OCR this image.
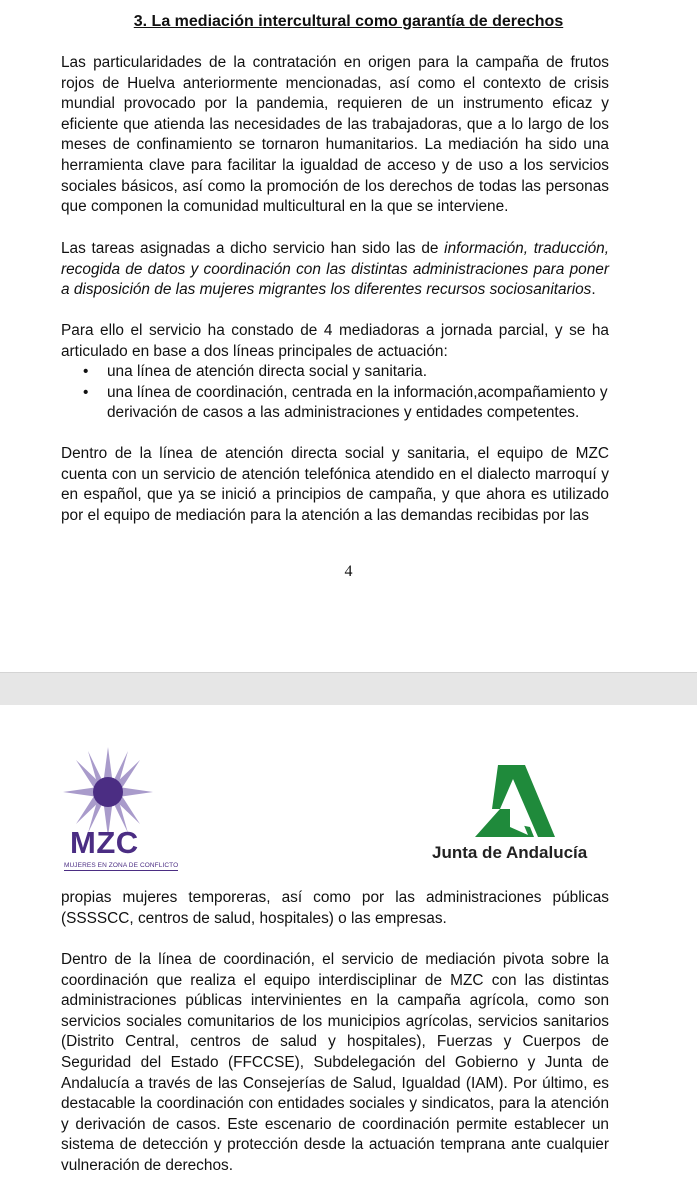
3. La mediación intercultural como garantía de derechos

Las particularidades de la contratación en origen para la campaña de frutos rojos de Huelva anteriormente mencionadas, así como el contexto de crisis mundial provocado por la pandemia, requieren de un instrumento eficaz y eficiente que atienda las necesidades de las trabajadoras, que a lo largo de los meses de confinamiento se tornaron humanitarios. La mediación ha sido una herramienta clave para facilitar la igualdad de acceso y de uso a los servicios sociales básicos, así como la promoción de los derechos de todas las personas que componen la comunidad multicultural en la que se interviene.

Las tareas asignadas a dicho servicio han sido las de información, traducción, recogida de datos y coordinación con las distintas administraciones para poner a disposición de las mujeres migrantes los diferentes recursos sociosanitarios.

Para ello el servicio ha constado de 4 mediadoras a jornada parcial, y se ha articulado en base a dos líneas principales de actuación:

• una línea de atención directa social y sanitaria.
• una línea de coordinación, centrada en la información,acompañamiento y derivación de casos a las administraciones y entidades competentes.

Dentro de la línea de atención directa social y sanitaria, el equipo de MZC cuenta con un servicio de atención telefónica atendido en el dialecto marroquí y en español, que ya se inició a principios de campaña, y que ahora es utilizado por el equipo de mediación para la atención a las demandas recibidas por las

4
MZC
MUJERES EN ZONA DE CONFLICTO
Junta de Andalucía

propias mujeres temporeras, así como por las administraciones públicas (SSSSCC, centros de salud, hospitales) o las empresas.

Dentro de la línea de coordinación, el servicio de mediación pivota sobre la coordinación que realiza el equipo interdisciplinar de MZC con las distintas administraciones públicas intervinientes en la campaña agrícola, como son servicios sociales comunitarios de los municipios agrícolas, servicios sanitarios (Distrito Central, centros de salud y hospitales), Fuerzas y Cuerpos de Seguridad del Estado (FFCCSE), Subdelegación del Gobierno y Junta de Andalucía a través de las Consejerías de Salud, Igualdad (IAM). Por último, es destacable la coordinación con entidades sociales y sindicatos, para la atención y derivación de casos. Este escenario de coordinación permite establecer un sistema de detección y protección desde la actuación temprana ante cualquier vulneración de derechos.
